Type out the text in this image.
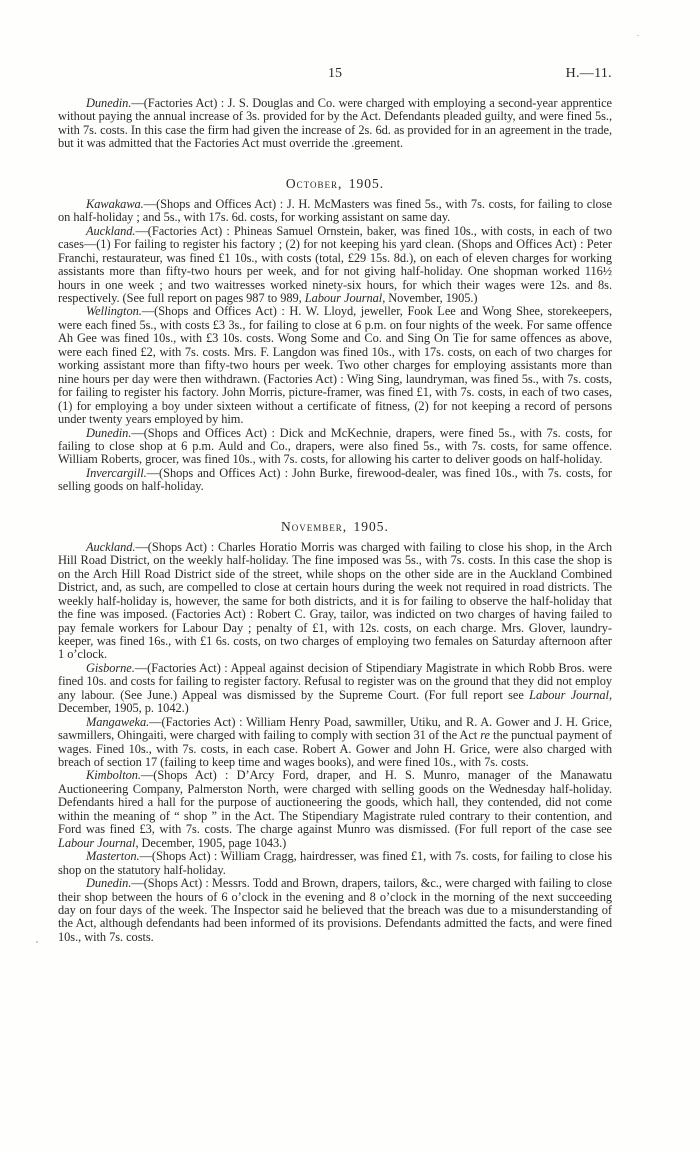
15	H.—11.

Dunedin.—(Factories Act) : J. S. Douglas and Co. were charged with employing a second-year apprentice without paying the annual increase of 3s. provided for by the Act. Defendants pleaded guilty, and were fined 5s., with 7s. costs. In this case the firm had given the increase of 2s. 6d. as provided for in an agreement in the trade, but it was admitted that the Factories Act must override the .greement.

October, 1905.

Kawakawa.—(Shops and Offices Act) : J. H. McMasters was fined 5s., with 7s. costs, for failing to close on half-holiday ; and 5s., with 17s. 6d. costs, for working assistant on same day.

Auckland.—(Factories Act) : Phineas Samuel Ornstein, baker, was fined 10s., with costs, in each of two cases—(1) For failing to register his factory ; (2) for not keeping his yard clean. (Shops and Offices Act) : Peter Franchi, restaurateur, was fined £1 10s., with costs (total, £29 15s. 8d.), on each of eleven charges for working assistants more than fifty-two hours per week, and for not giving half-holiday. One shopman worked 116½ hours in one week ; and two waitresses worked ninety-six hours, for which their wages were 12s. and 8s. respectively. (See full report on pages 987 to 989, Labour Journal, November, 1905.)

Wellington.—(Shops and Offices Act) : H. W. Lloyd, jeweller, Fook Lee and Wong Shee, storekeepers, were each fined 5s., with costs £3 3s., for failing to close at 6 p.m. on four nights of the week. For same offence Ah Gee was fined 10s., with £3 10s. costs. Wong Some and Co. and Sing On Tie for same offences as above, were each fined £2, with 7s. costs. Mrs. F. Langdon was fined 10s., with 17s. costs, on each of two charges for working assistant more than fifty-two hours per week. Two other charges for employing assistants more than nine hours per day were then withdrawn. (Factories Act) : Wing Sing, laundryman, was fined 5s., with 7s. costs, for failing to register his factory. John Morris, picture-framer, was fined £1, with 7s. costs, in each of two cases, (1) for employing a boy under sixteen without a certificate of fitness, (2) for not keeping a record of persons under twenty years employed by him.

Dunedin.—(Shops and Offices Act) : Dick and McKechnie, drapers, were fined 5s., with 7s. costs, for failing to close shop at 6 p.m. Auld and Co., drapers, were also fined 5s., with 7s. costs, for same offence. William Roberts, grocer, was fined 10s., with 7s. costs, for allowing his carter to deliver goods on half-holiday.

Invercargill.—(Shops and Offices Act) : John Burke, firewood-dealer, was fined 10s., with 7s. costs, for selling goods on half-holiday.

November, 1905.

Auckland.—(Shops Act) : Charles Horatio Morris was charged with failing to close his shop, in the Arch Hill Road District, on the weekly half-holiday. The fine imposed was 5s., with 7s. costs. In this case the shop is on the Arch Hill Road District side of the street, while shops on the other side are in the Auckland Combined District, and, as such, are compelled to close at certain hours during the week not required in road districts. The weekly half-holiday is, however, the same for both districts, and it is for failing to observe the half-holiday that the fine was imposed. (Factories Act) : Robert C. Gray, tailor, was indicted on two charges of having failed to pay female workers for Labour Day ; penalty of £1, with 12s. costs, on each charge. Mrs. Glover, laundry-keeper, was fined 16s., with £1 6s. costs, on two charges of employing two females on Saturday afternoon after 1 o’clock.

Gisborne.—(Factories Act) : Appeal against decision of Stipendiary Magistrate in which Robb Bros. were fined 10s. and costs for failing to register factory. Refusal to register was on the ground that they did not employ any labour. (See June.) Appeal was dismissed by the Supreme Court. (For full report see Labour Journal, December, 1905, p. 1042.)

Mangaweka.—(Factories Act) : William Henry Poad, sawmiller, Utiku, and R. A. Gower and J. H. Grice, sawmillers, Ohingaiti, were charged with failing to comply with section 31 of the Act re the punctual payment of wages. Fined 10s., with 7s. costs, in each case. Robert A. Gower and John H. Grice, were also charged with breach of section 17 (failing to keep time and wages books), and were fined 10s., with 7s. costs.

Kimbolton.—(Shops Act) : D’Arcy Ford, draper, and H. S. Munro, manager of the Manawatu Auctioneering Company, Palmerston North, were charged with selling goods on the Wednesday half-holiday. Defendants hired a hall for the purpose of auctioneering the goods, which hall, they contended, did not come within the meaning of “ shop ” in the Act. The Stipendiary Magistrate ruled contrary to their contention, and Ford was fined £3, with 7s. costs. The charge against Munro was dismissed. (For full report of the case see Labour Journal, December, 1905, page 1043.)

Masterton.—(Shops Act) : William Cragg, hairdresser, was fined £1, with 7s. costs, for failing to close his shop on the statutory half-holiday.

Dunedin.—(Shops Act) : Messrs. Todd and Brown, drapers, tailors, &c., were charged with failing to close their shop between the hours of 6 o’clock in the evening and 8 o’clock in the morning of the next succeeding day on four days of the week. The Inspector said he believed that the breach was due to a misunderstanding of the Act, although defendants had been informed of its provisions. Defendants admitted the facts, and were fined 10s., with 7s. costs.
